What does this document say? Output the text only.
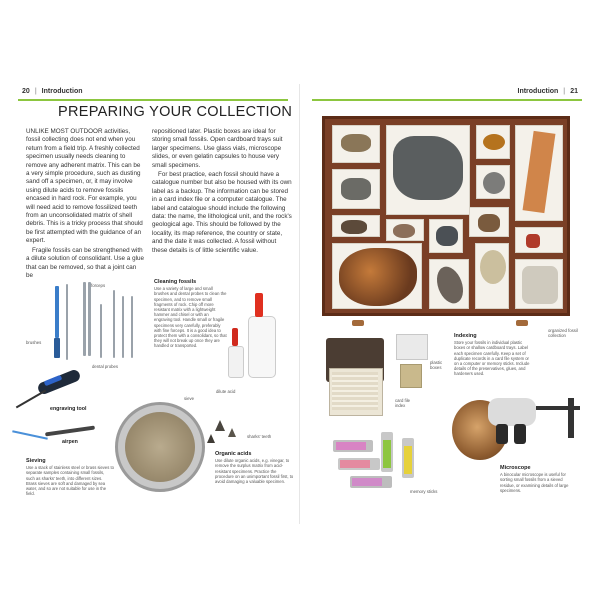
20 | Introduction	Introduction | 21
PREPARING YOUR COLLECTION

UNLIKE MOST OUTDOOR activities, fossil collecting does not end when you return from a field trip. A freshly collected specimen usually needs cleaning to remove any adherent matrix. This can be a very simple procedure, such as dusting sand off a specimen, or, it may involve using dilute acids to remove fossils encased in hard rock. For example, you will need acid to remove fossilized teeth from an unconsolidated matrix of shell debris. This is a tricky process that should be first attempted with the guidance of an expert.

Fragile fossils can be strengthened with a dilute solution of consolidant. Use a glue that can be removed, so that a joint can be

repositioned later. Plastic boxes are ideal for storing small fossils. Open cardboard trays suit larger specimens. Use glass vials, microscope slides, or even gelatin capsules to house very small specimens.

For best practice, each fossil should have a catalogue number but also be housed with its own label as a backup. The information can be stored in a card index file or a computer catalogue. The label and catalogue should include the following data: the name, the lithological unit, and the rock's geological age. This should be followed by the locality, its map reference, the country or state, and the date it was collected. A fossil without these details is of little scientific value.

forceps
brushes
dental probes
engraving tool
airpen
Cleaning fossils
Use a variety of large and small brushes and dental probes to clean the specimen, and to remove small fragments of rock. Chip off more resistant matrix with a lightweight hammer and chisel or with an engraving tool. Handle small or fragile specimens very carefully, preferably with fine forceps. It is a good idea to protect them with a consolidant, so that they will not break up once they are handled or transported.
dilute acid
sieve
sharks' teeth
Sieving
Use a stack of stainless steel or brass sieves to separate samples containing small fossils, such as sharks' teeth, into different sizes. Brass sieves are soft and damaged by sea water, and so are not suitable for use in the field.
Organic acids
Use dilute organic acids, e.g. vinegar, to remove the surplus matrix from acid-resistant specimens. Practice the procedure on an unimportant fossil first, to avoid damaging a valuable specimen.
organized fossil collection
card file index
plastic boxes
Indexing
Store your fossils in individual plastic boxes or shallow cardboard trays. Label each specimen carefully. Keep a set of duplicate records in a card file system or on a computer or memory sticks. Include details of the preservatives, glues, and hardeners used.
memory sticks
Microscope
A binocular microscope is useful for sorting small fossils from a sieved residue, or examining details of large specimens.
